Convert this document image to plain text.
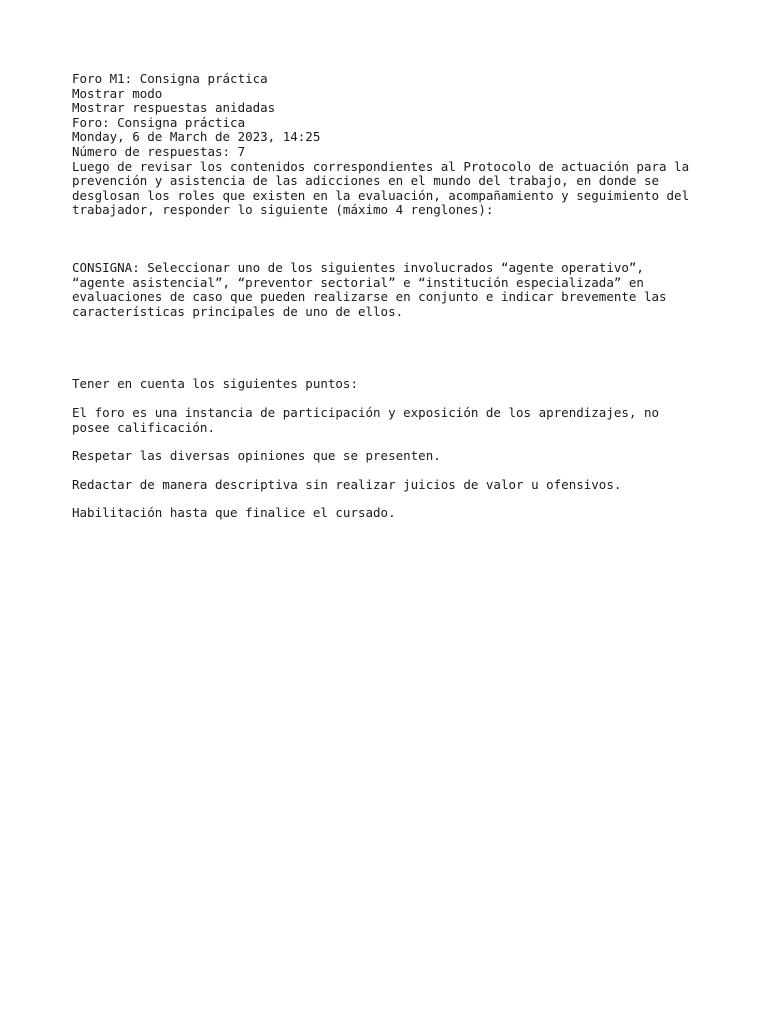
Foro M1: Consigna práctica
Mostrar modo
Mostrar respuestas anidadas
Foro: Consigna práctica
Monday, 6 de March de 2023, 14:25
Número de respuestas: 7
Luego de revisar los contenidos correspondientes al Protocolo de actuación para la
prevención y asistencia de las adicciones en el mundo del trabajo, en donde se
desglosan los roles que existen en la evaluación, acompañamiento y seguimiento del
trabajador, responder lo siguiente (máximo 4 renglones):
CONSIGNA: Seleccionar uno de los siguientes involucrados “agente operativo”,
“agente asistencial”, “preventor sectorial” e “institución especializada” en
evaluaciones de caso que pueden realizarse en conjunto e indicar brevemente las
características principales de uno de ellos.
Tener en cuenta los siguientes puntos:
El foro es una instancia de participación y exposición de los aprendizajes, no
posee calificación.
Respetar las diversas opiniones que se presenten.
Redactar de manera descriptiva sin realizar juicios de valor u ofensivos.
Habilitación hasta que finalice el cursado.
